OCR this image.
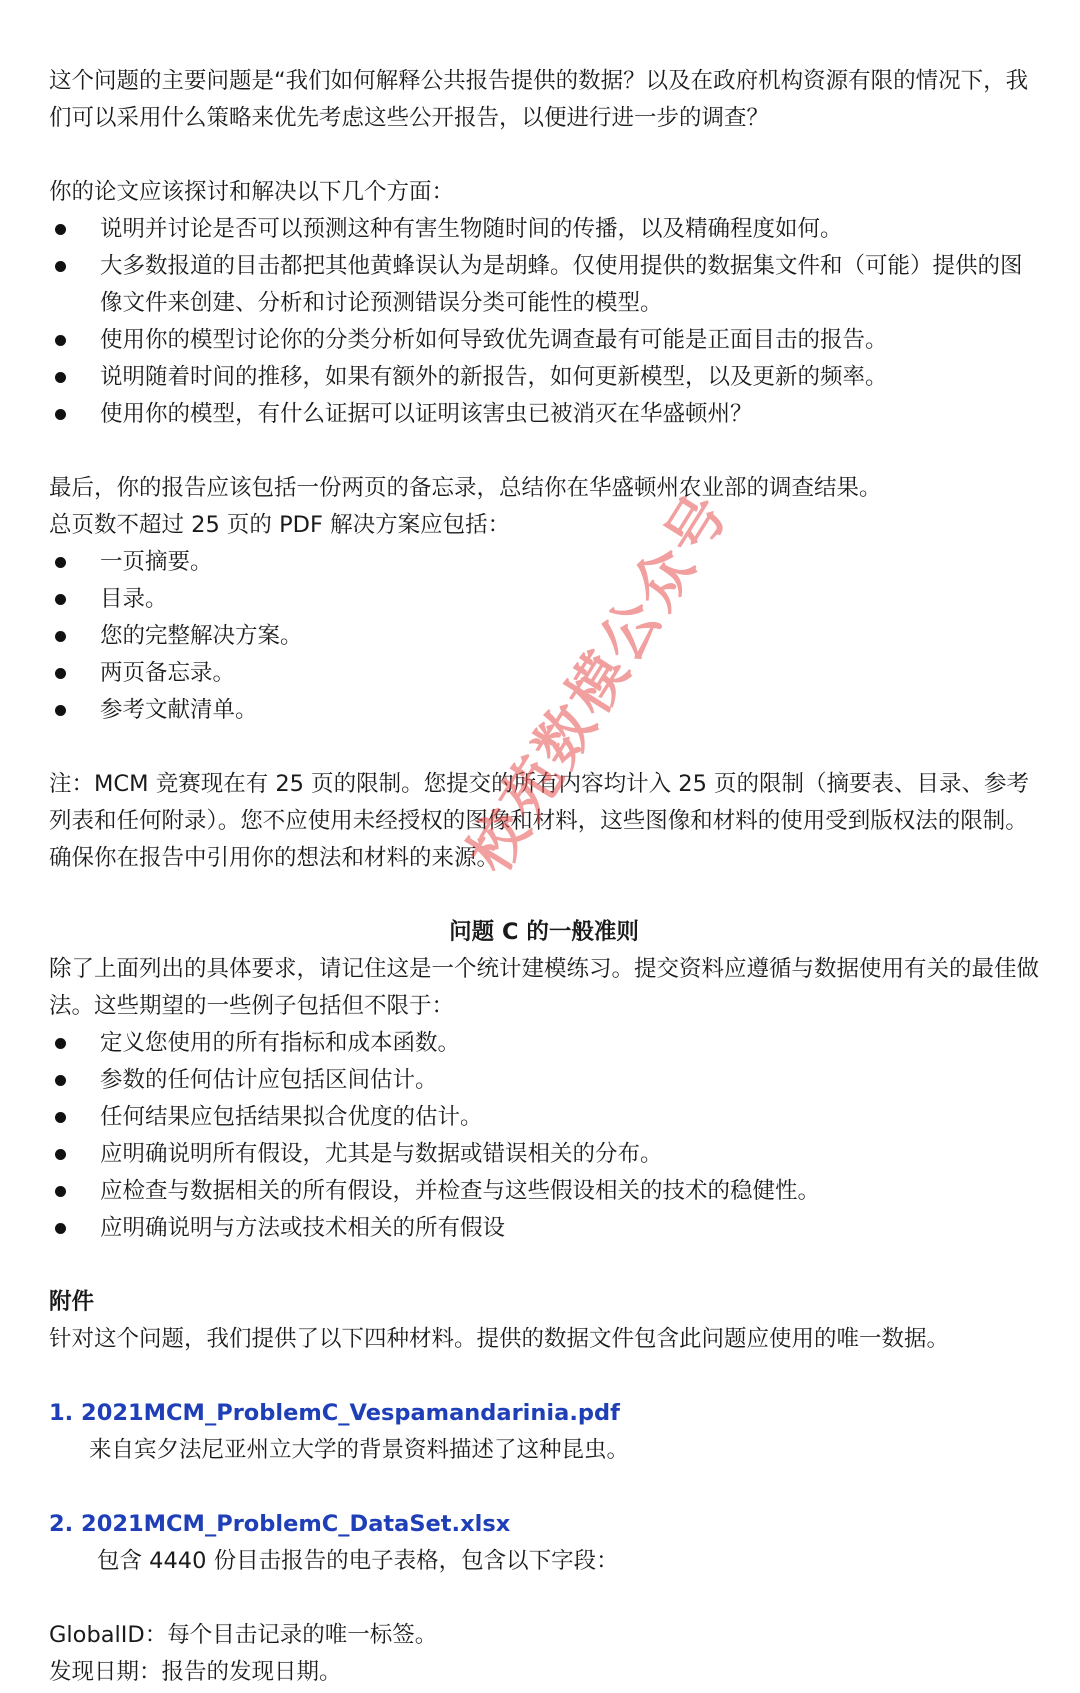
这个问题的主要问题是“我们如何解释公共报告提供的数据？以及在政府机构资源有限的情况下，我们可以采用什么策略来优先考虑这些公开报告，以便进行进一步的调查？

你的论文应该探讨和解决以下几个方面：

说明并讨论是否可以预测这种有害生物随时间的传播，以及精确程度如何。
大多数报道的目击都把其他黄蜂误认为是胡蜂。仅使用提供的数据集文件和（可能）提供的图像文件来创建、分析和讨论预测错误分类可能性的模型。
使用你的模型讨论你的分类分析如何导致优先调查最有可能是正面目击的报告。
说明随着时间的推移，如果有额外的新报告，如何更新模型，以及更新的频率。
使用你的模型，有什么证据可以证明该害虫已被消灭在华盛顿州？

最后，你的报告应该包括一份两页的备忘录，总结你在华盛顿州农业部的调查结果。

总页数不超过 25 页的 PDF 解决方案应包括：

一页摘要。
目录。
您的完整解决方案。
两页备忘录。
参考文献清单。

注：MCM 竞赛现在有 25 页的限制。您提交的所有内容均计入 25 页的限制（摘要表、目录、参考列表和任何附录）。您不应使用未经授权的图像和材料，这些图像和材料的使用受到版权法的限制。确保你在报告中引用你的想法和材料的来源。

问题 C 的一般准则

除了上面列出的具体要求，请记住这是一个统计建模练习。提交资料应遵循与数据使用有关的最佳做法。这些期望的一些例子包括但不限于：

定义您使用的所有指标和成本函数。
参数的任何估计应包括区间估计。
任何结果应包括结果拟合优度的估计。
应明确说明所有假设，尤其是与数据或错误相关的分布。
应检查与数据相关的所有假设，并检查与这些假设相关的技术的稳健性。
应明确说明与方法或技术相关的所有假设
附件

针对这个问题，我们提供了以下四种材料。提供的数据文件包含此问题应使用的唯一数据。

1. 2021MCM_ProblemC_Vespamandarinia.pdf
来自宾夕法尼亚州立大学的背景资料描述了这种昆虫。
2. 2021MCM_ProblemC_DataSet.xlsx
包含 4440 份目击报告的电子表格，包含以下字段：

GlobalID：每个目击记录的唯一标签。

发现日期：报告的发现日期。

校苑数模公众号
